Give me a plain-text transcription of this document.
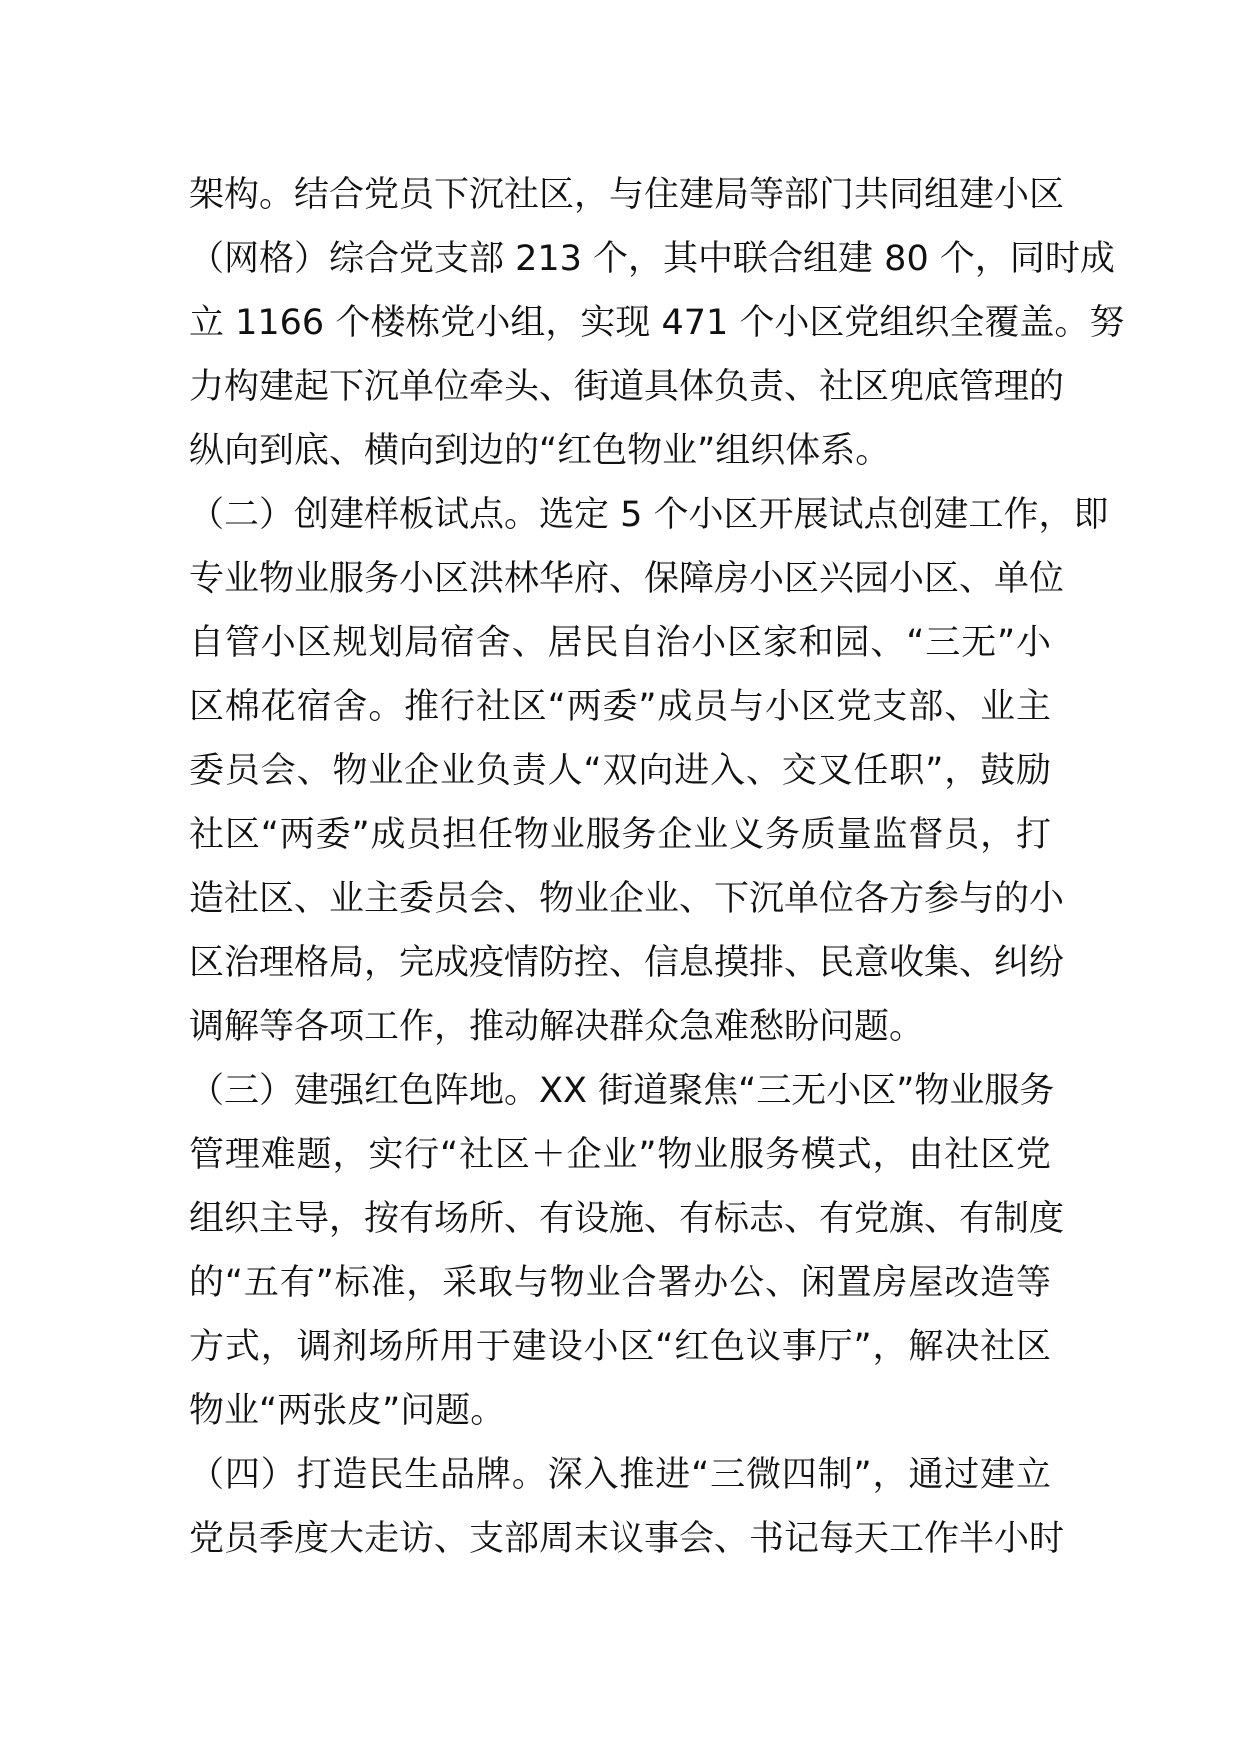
架构。结合党员下沉社区，与住建局等部门共同组建小区
（网格）综合党支部 213 个，其中联合组建 80 个，同时成
立 1166 个楼栋党小组，实现 471 个小区党组织全覆盖。努
力构建起下沉单位牵头、街道具体负责、社区兜底管理的
纵向到底、横向到边的“红色物业”组织体系。
（二）创建样板试点。选定 5 个小区开展试点创建工作，即
专业物业服务小区洪林华府、保障房小区兴园小区、单位
自管小区规划局宿舍、居民自治小区家和园、“三无”小
区棉花宿舍。推行社区“两委”成员与小区党支部、业主
委员会、物业企业负责人“双向进入、交叉任职”，鼓励
社区“两委”成员担任物业服务企业义务质量监督员，打
造社区、业主委员会、物业企业、下沉单位各方参与的小
区治理格局，完成疫情防控、信息摸排、民意收集、纠纷
调解等各项工作，推动解决群众急难愁盼问题。
（三）建强红色阵地。XX 街道聚焦“三无小区”物业服务
管理难题，实行“社区＋企业”物业服务模式，由社区党
组织主导，按有场所、有设施、有标志、有党旗、有制度
的“五有”标准，采取与物业合署办公、闲置房屋改造等
方式，调剂场所用于建设小区“红色议事厅”，解决社区
物业“两张皮”问题。
（四）打造民生品牌。深入推进“三微四制”，通过建立
党员季度大走访、支部周末议事会、书记每天工作半小时
